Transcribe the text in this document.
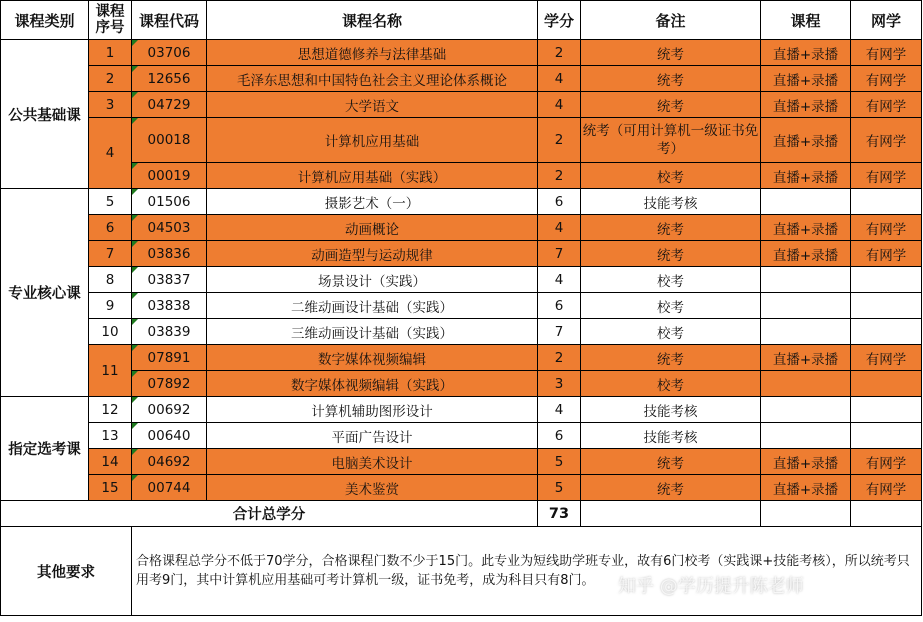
课程类别	课程序号	课程代码	课程名称	学分	备注	课程	网学
公共基础课	1	03706	思想道德修养与法律基础	2	统考	直播+录播	有网学
	2	12656	毛泽东思想和中国特色社会主义理论体系概论	4	统考	直播+录播	有网学
	3	04729	大学语文	4	统考	直播+录播	有网学
	4	00018	计算机应用基础	2	统考（可用计算机一级证书免考）	直播+录播	有网学
		00019	计算机应用基础（实践）	2	校考	直播+录播	有网学
专业核心课	5	01506	摄影艺术（一）	6	技能考核		
	6	04503	动画概论	4	统考	直播+录播	有网学
	7	03836	动画造型与运动规律	7	统考	直播+录播	有网学
	8	03837	场景设计（实践）	4	校考		
	9	03838	二维动画设计基础（实践）	6	校考		
	10	03839	三维动画设计基础（实践）	7	校考		
	11	07891	数字媒体视频编辑	2	统考	直播+录播	有网学
		07892	数字媒体视频编辑（实践）	3	校考		
指定选考课	12	00692	计算机辅助图形设计	4	技能考核		
	13	00640	平面广告设计	6	技能考核		
	14	04692	电脑美术设计	5	统考	直播+录播	有网学
	15	00744	美术鉴赏	5	统考	直播+录播	有网学
合计总学分				73			
其他要求		合格课程总学分不低于70学分，合格课程门数不少于15门。此专业为短线助学班专业，故有6门校考（实践课+技能考核），所以统考只用考9门，其中计算机应用基础可考计算机一级，证书免考，成为科目只有8门。					知乎 @学历提升陈老师
